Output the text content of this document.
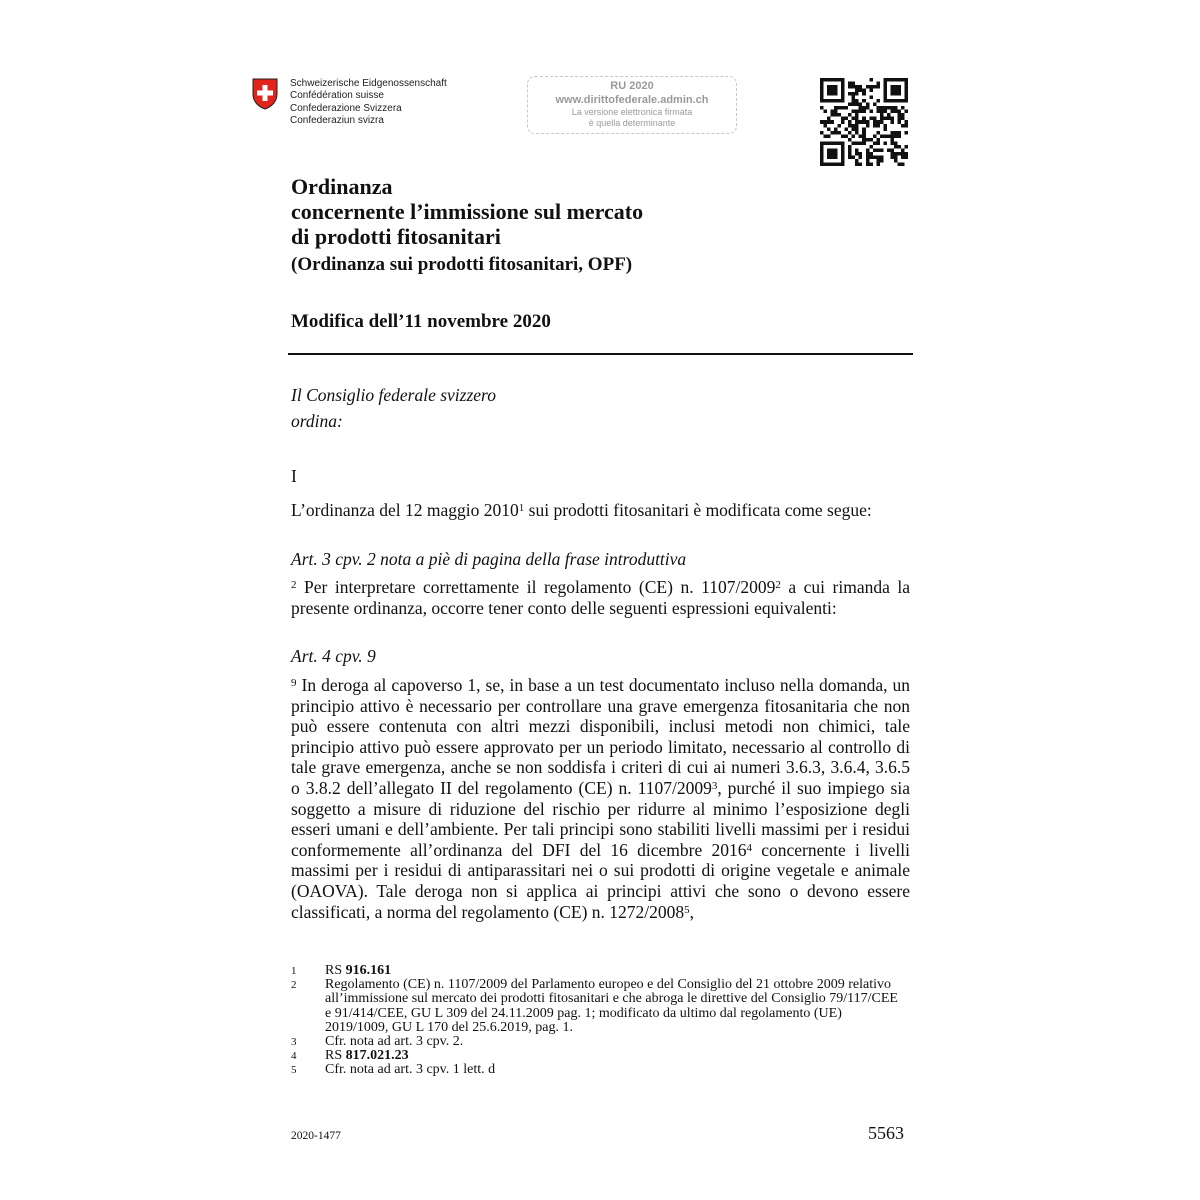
Schweizerische Eidgenossenschaft
Confédération suisse
Confederazione Svizzera
Confederaziun svizra
RU 2020
www.dirittofederale.admin.ch
La versione elettronica firmata
è quella determinante
Ordinanza
concernente l’immissione sul mercato
di prodotti fitosanitari
(Ordinanza sui prodotti fitosanitari, OPF)
Modifica dell’11 novembre 2020
Il Consiglio federale svizzero
ordina:
I
L’ordinanza del 12 maggio 2010$^1$ sui prodotti fitosanitari è modificata come segue:
Art. 3 cpv. 2 nota a piè di pagina della frase introduttiva
$^2$ Per interpretare correttamente il regolamento (CE) n. 1107/2009$^2$ a cui rimanda la presente ordinanza, occorre tener conto delle seguenti espressioni equivalenti:
Art. 4 cpv. 9
$^9$ In deroga al capoverso 1, se, in base a un test documentato incluso nella domanda, un principio attivo è necessario per controllare una grave emergenza fitosanitaria che non può essere contenuta con altri mezzi disponibili, inclusi metodi non chimici, tale principio attivo può essere approvato per un periodo limitato, necessario al controllo di tale grave emergenza, anche se non soddisfa i criteri di cui ai numeri 3.6.3, 3.6.4, 3.6.5 o 3.8.2 dell’allegato II del regolamento (CE) n. 1107/2009$^3$, purché il suo impiego sia soggetto a misure di riduzione del rischio per ridurre al minimo l’esposizione degli esseri umani e dell’ambiente. Per tali principi sono stabiliti livelli massimi per i residui conformemente all’ordinanza del DFI del 16 dicembre 2016$^4$ concernente i livelli massimi per i residui di antiparassitari nei o sui prodotti di origine vegetale e animale (OAOVA). Tale deroga non si applica ai principi attivi che sono o devono essere classificati, a norma del regolamento (CE) n. 1272/2008$^5$,
1	RS 916.161
2	Regolamento (CE) n. 1107/2009 del Parlamento europeo e del Consiglio del 21 ottobre 2009 relativo all’immissione sul mercato dei prodotti fitosanitari e che abroga le direttive del Consiglio 79/117/CEE e 91/414/CEE, GU L 309 del 24.11.2009 pag. 1; modificato da ultimo dal regolamento (UE) 2019/1009, GU L 170 del 25.6.2019, pag. 1.
3	Cfr. nota ad art. 3 cpv. 2.
4	RS 817.021.23
5	Cfr. nota ad art. 3 cpv. 1 lett. d
2020-1477	5563
